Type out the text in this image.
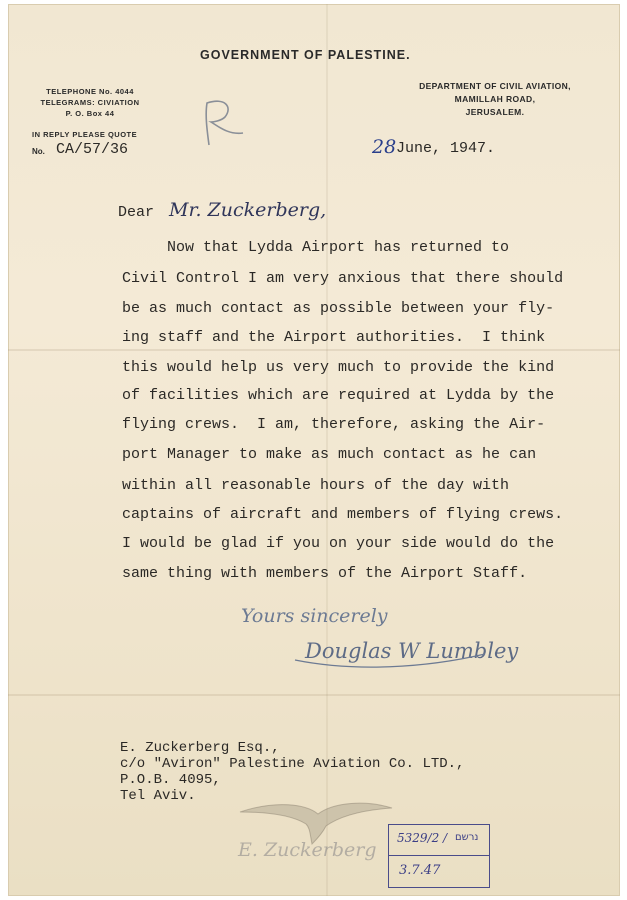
GOVERNMENT OF PALESTINE.
TELEPHONE No. 4044
TELEGRAMS: CIVIATION
P. O. Box 44
IN REPLY PLEASE QUOTE
No. CA/57/36
DEPARTMENT OF CIVIL AVIATION,
MAMILLAH ROAD,
JERUSALEM.
R
28 June, 1947.
Dear Mr. Zuckerberg,
Now that Lydda Airport has returned to
Civil Control I am very anxious that there should
be as much contact as possible between your fly-
ing staff and the Airport authorities.  I think
this would help us very much to provide the kind
of facilities which are required at Lydda by the
flying crews.  I am, therefore, asking the Air-
port Manager to make as much contact as he can
within all reasonable hours of the day with
captains of aircraft and members of flying crews.
I would be glad if you on your side would do the
same thing with members of the Airport Staff.
Yours sincerely
Douglas W Lumbley
E. Zuckerberg Esq.,
c/o "Aviron" Palestine Aviation Co. LTD.,
P.O.B. 4095,
Tel Aviv.
E. Zuckerberg
5329/2 / נרשם
3.7.47
